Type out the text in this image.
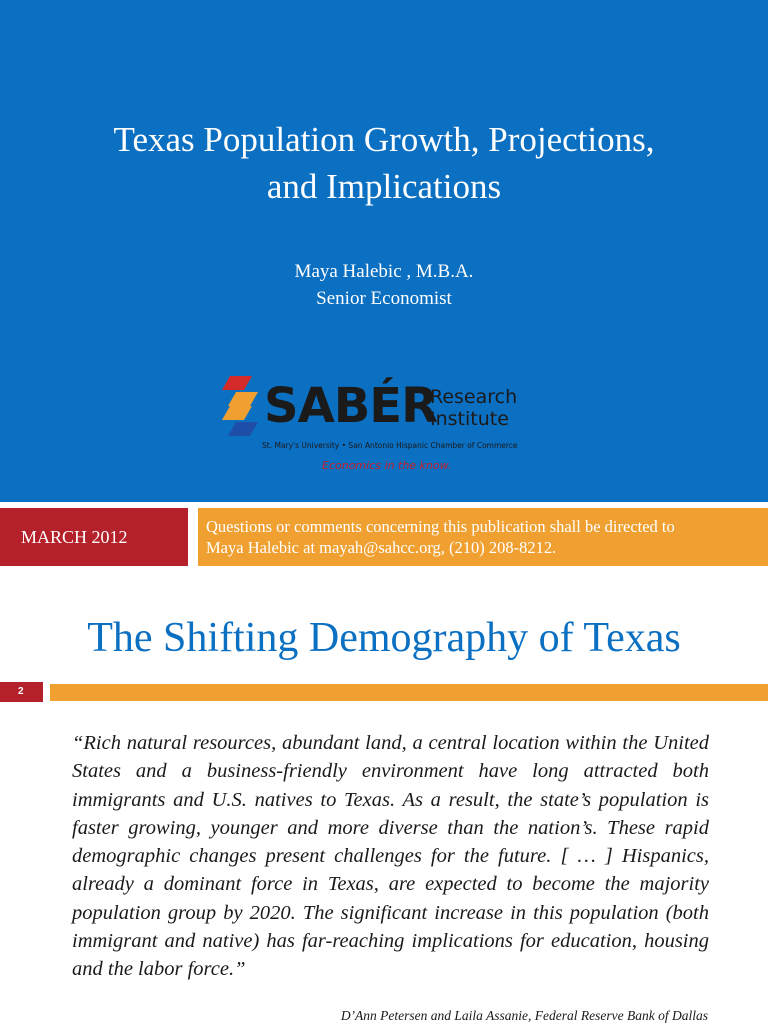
Texas Population Growth, Projections,
and Implications
Maya Halebic , M.B.A.
Senior Economist
SABÉR
Research
Institute
St. Mary's University • San Antonio Hispanic Chamber of Commerce
Economics in the know.
MARCH 2012	Questions or comments concerning this publication shall be directed to
Maya Halebic at mayah@sahcc.org, (210) 208-8212.
The Shifting Demography of Texas
2
“Rich natural resources, abundant land, a central location within the United States and a business-friendly environment have long attracted both immigrants and U.S. natives to Texas. As a result, the state’s population is faster growing, younger and more diverse than the nation’s. These rapid demographic changes present challenges for the future. [ … ] Hispanics, already a dominant force in Texas, are expected to become the majority population group by 2020. The significant increase in this population (both immigrant and native) has far-reaching implications for education, housing and the labor force.”
D’Ann Petersen and Laila Assanie, Federal Reserve Bank of Dallas
